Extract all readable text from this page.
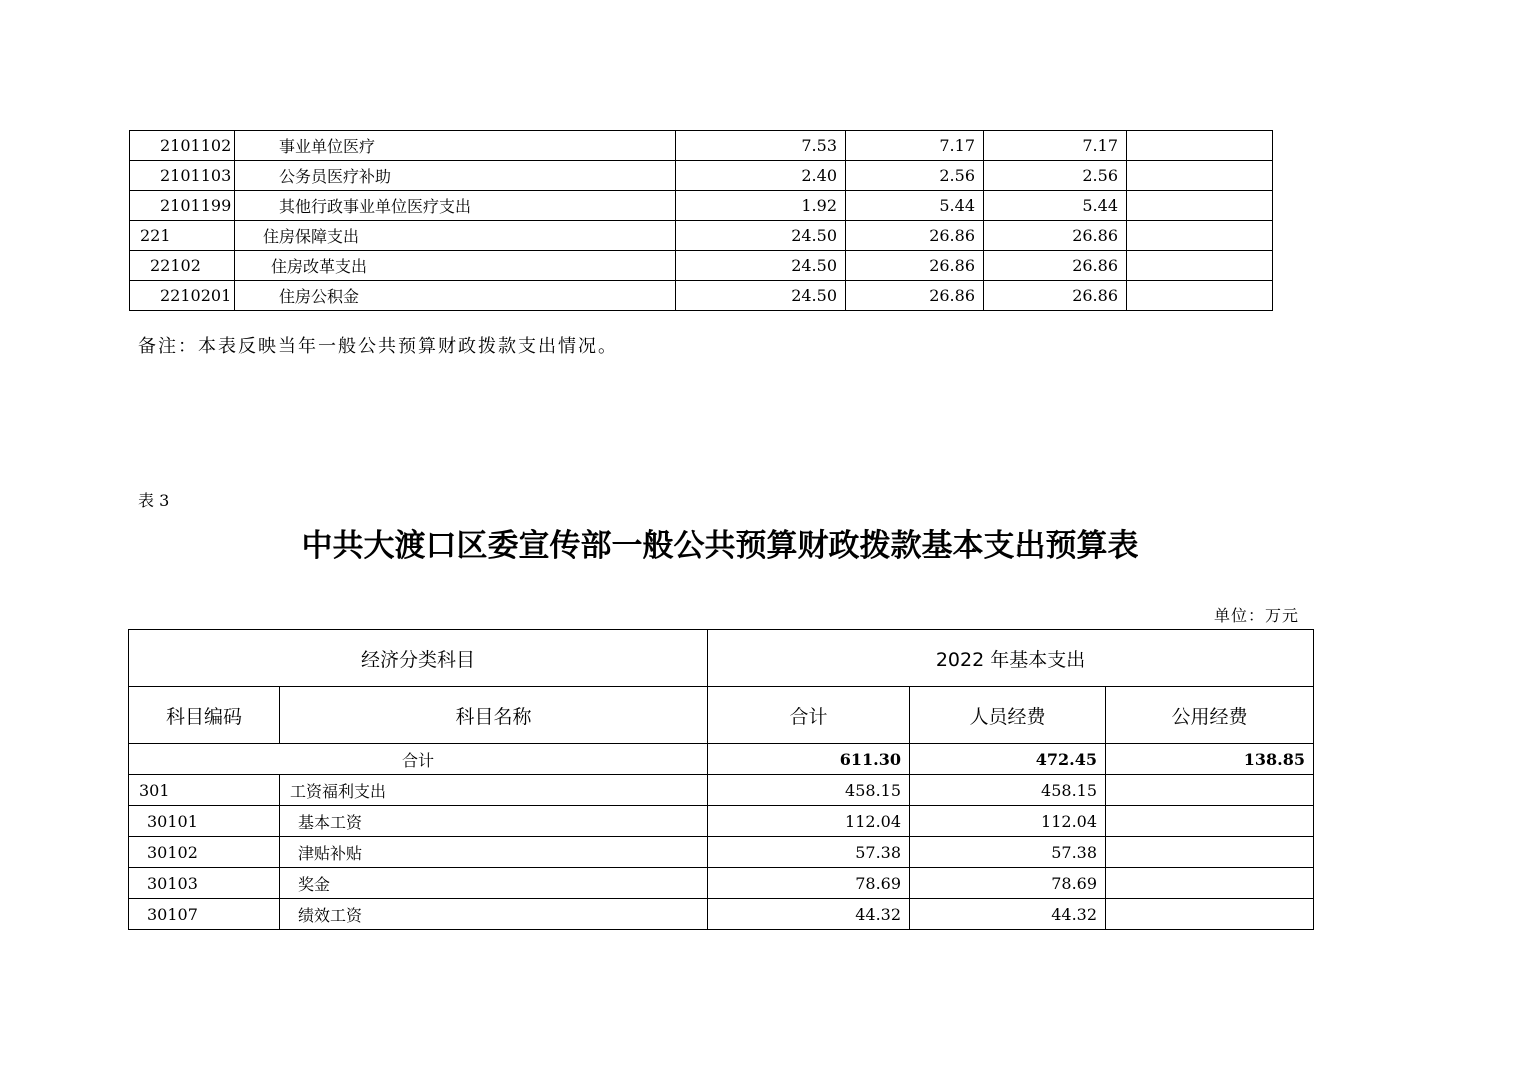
2101102	事业单位医疗	7.53	7.17	7.17	
2101103	公务员医疗补助	2.40	2.56	2.56	
2101199	其他行政事业单位医疗支出	1.92	5.44	5.44	
221	住房保障支出	24.50	26.86	26.86	
22102	住房改革支出	24.50	26.86	26.86	
2210201	住房公积金	24.50	26.86	26.86	
备注：本表反映当年一般公共预算财政拨款支出情况。
表 3
中共大渡口区委宣传部一般公共预算财政拨款基本支出预算表
单位：万元
经济分类科目		2022 年基本支出		
科目编码	科目名称	合计	人员经费	公用经费
合计		611.30	472.45	138.85
301	工资福利支出	458.15	458.15	
30101	基本工资	112.04	112.04	
30102	津贴补贴	57.38	57.38	
30103	奖金	78.69	78.69	
30107	绩效工资	44.32	44.32	
